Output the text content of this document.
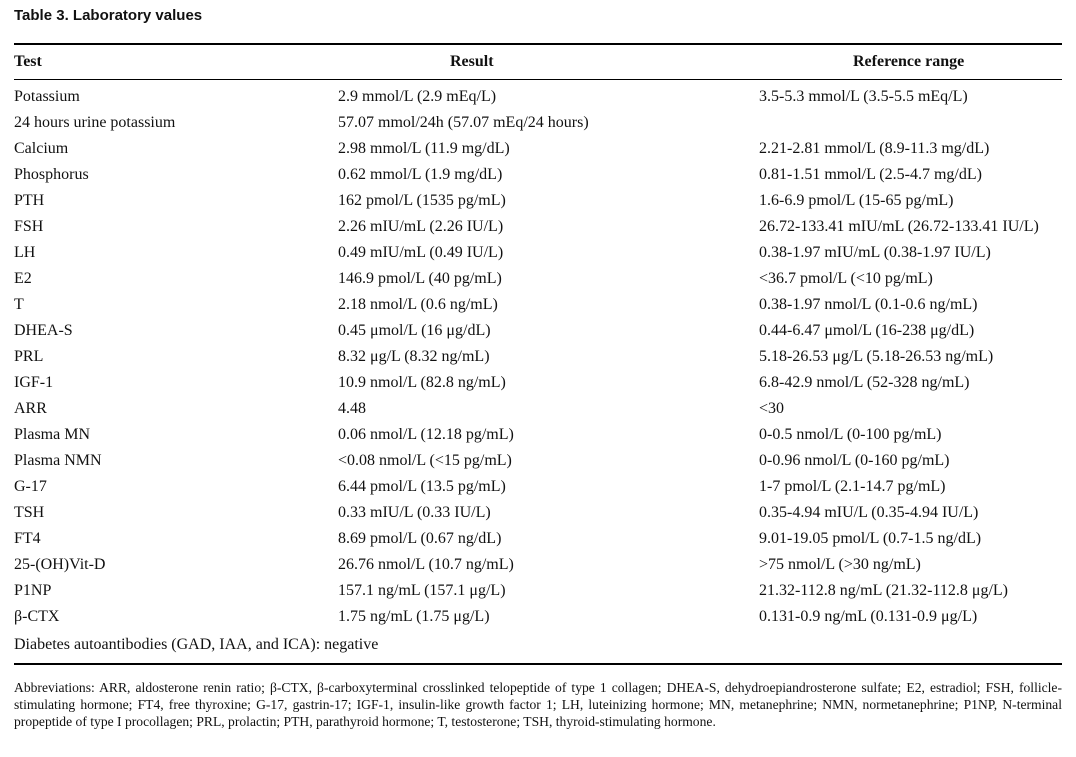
Table 3. Laboratory values
Test	Result	Reference range
Potassium	2.9 mmol/L (2.9 mEq/L)	3.5-5.3 mmol/L (3.5-5.5 mEq/L)
24 hours urine potassium	57.07 mmol/24h (57.07 mEq/24 hours)
Calcium	2.98 mmol/L (11.9 mg/dL)	2.21-2.81 mmol/L (8.9-11.3 mg/dL)
Phosphorus	0.62 mmol/L (1.9 mg/dL)	0.81-1.51 mmol/L (2.5-4.7 mg/dL)
PTH	162 pmol/L (1535 pg/mL)	1.6-6.9 pmol/L (15-65 pg/mL)
FSH	2.26 mIU/mL (2.26 IU/L)	26.72-133.41 mIU/mL (26.72-133.41 IU/L)
LH	0.49 mIU/mL (0.49 IU/L)	0.38-1.97 mIU/mL (0.38-1.97 IU/L)
E2	146.9 pmol/L (40 pg/mL)	<36.7 pmol/L (<10 pg/mL)
T	2.18 nmol/L (0.6 ng/mL)	0.38-1.97 nmol/L (0.1-0.6 ng/mL)
DHEA-S	0.45 μmol/L (16 μg/dL)	0.44-6.47 μmol/L (16-238 μg/dL)
PRL	8.32 μg/L (8.32 ng/mL)	5.18-26.53 μg/L (5.18-26.53 ng/mL)
IGF-1	10.9 nmol/L (82.8 ng/mL)	6.8-42.9 nmol/L (52-328 ng/mL)
ARR	4.48	<30
Plasma MN	0.06 nmol/L (12.18 pg/mL)	0-0.5 nmol/L (0-100 pg/mL)
Plasma NMN	<0.08 nmol/L (<15 pg/mL)	0-0.96 nmol/L (0-160 pg/mL)
G-17	6.44 pmol/L (13.5 pg/mL)	1-7 pmol/L (2.1-14.7 pg/mL)
TSH	0.33 mIU/L (0.33 IU/L)	0.35-4.94 mIU/L (0.35-4.94 IU/L)
FT4	8.69 pmol/L (0.67 ng/dL)	9.01-19.05 pmol/L (0.7-1.5 ng/dL)
25-(OH)Vit-D	26.76 nmol/L (10.7 ng/mL)	>75 nmol/L (>30 ng/mL)
P1NP	157.1 ng/mL (157.1 μg/L)	21.32-112.8 ng/mL (21.32-112.8 μg/L)
β-CTX	1.75 ng/mL (1.75 μg/L)	0.131-0.9 ng/mL (0.131-0.9 μg/L)
Diabetes autoantibodies (GAD, IAA, and ICA): negative
Abbreviations: ARR, aldosterone renin ratio; β-CTX, β-carboxyterminal crosslinked telopeptide of type 1 collagen; DHEA-S, dehydroepiandrosterone sulfate; E2, estradiol; FSH, follicle-stimulating hormone; FT4, free thyroxine; G-17, gastrin-17; IGF-1, insulin-like growth factor 1; LH, luteinizing hormone; MN, metanephrine; NMN, normetanephrine; P1NP, N-terminal propeptide of type I procollagen; PRL, prolactin; PTH, parathyroid hormone; T, testosterone; TSH, thyroid-stimulating hormone.
